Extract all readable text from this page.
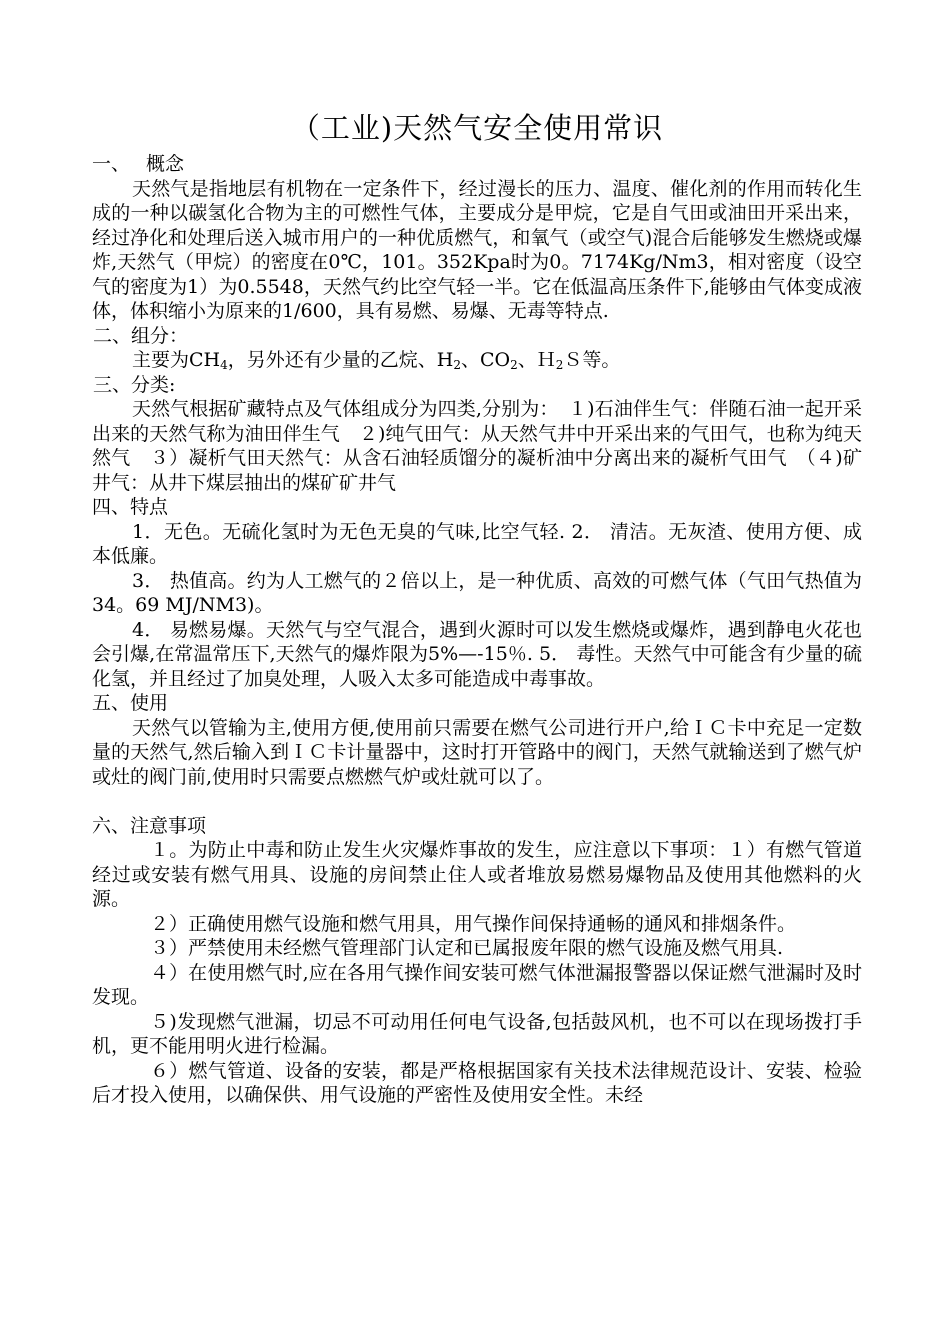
（工业)天然气安全使用常识
一、 概念

天然气是指地层有机物在一定条件下，经过漫长的压力、温度、催化剂的作用而转化生成的一种以碳氢化合物为主的可燃性气体，主要成分是甲烷，它是自气田或油田开采出来，经过净化和处理后送入城市用户的一种优质燃气，和氧气（或空气)混合后能够发生燃烧或爆炸,天然气（甲烷）的密度在0℃，101。352Kpa时为0。7174Kg/Nm3，相对密度（设空气的密度为1）为0.5548，天然气约比空气轻一半。它在低温高压条件下,能够由气体变成液体，体积缩小为原来的1/600，具有易燃、易爆、无毒等特点.

二、组分：

主要为$CH_4$，另外还有少量的乙烷、$H_2$、$CO_2$、Ｈ$_2$Ｓ等。

三、分类:

天然气根据矿藏特点及气体组成分为四类,分别为：　１)石油伴生气：伴随石油一起开采出来的天然气称为油田伴生气　２)纯气田气：从天然气井中开采出来的气田气，也称为纯天然气　３）凝析气田天然气：从含石油轻质馏分的凝析油中分离出来的凝析气田气　（４)矿井气：从井下煤层抽出的煤矿矿井气

四、特点

1．无色。无硫化氢时为无色无臭的气味,比空气轻. 2． 清洁。无灰渣、使用方便、成本低廉。

3． 热值高。约为人工燃气的２倍以上，是一种优质、高效的可燃气体（气田气热值为34。69 MJ/NM3)。

4． 易燃易爆。天然气与空气混合，遇到火源时可以发生燃烧或爆炸，遇到静电火花也会引爆,在常温常压下,天然气的爆炸限为5%—-15％. 5． 毒性。天然气中可能含有少量的硫化氢，并且经过了加臭处理，人吸入太多可能造成中毒事故。

五、使用

天然气以管输为主,使用方便,使用前只需要在燃气公司进行开户,给ＩＣ卡中充足一定数量的天然气,然后输入到ＩＣ卡计量器中，这时打开管路中的阀门，天然气就输送到了燃气炉或灶的阀门前,使用时只需要点燃燃气炉或灶就可以了。

六、注意事项

１。为防止中毒和防止发生火灾爆炸事故的发生，应注意以下事项：１）有燃气管道经过或安装有燃气用具、设施的房间禁止住人或者堆放易燃易爆物品及使用其他燃料的火源。

２）正确使用燃气设施和燃气用具，用气操作间保持通畅的通风和排烟条件。

３）严禁使用未经燃气管理部门认定和已属报废年限的燃气设施及燃气用具.

４）在使用燃气时,应在各用气操作间安装可燃气体泄漏报警器以保证燃气泄漏时及时发现。

５)发现燃气泄漏，切忌不可动用任何电气设备,包括鼓风机，也不可以在现场拨打手机，更不能用明火进行检漏。

６）燃气管道、设备的安装，都是严格根据国家有关技术法律规范设计、安装、检验后才投入使用，以确保供、用气设施的严密性及使用安全性。未经
